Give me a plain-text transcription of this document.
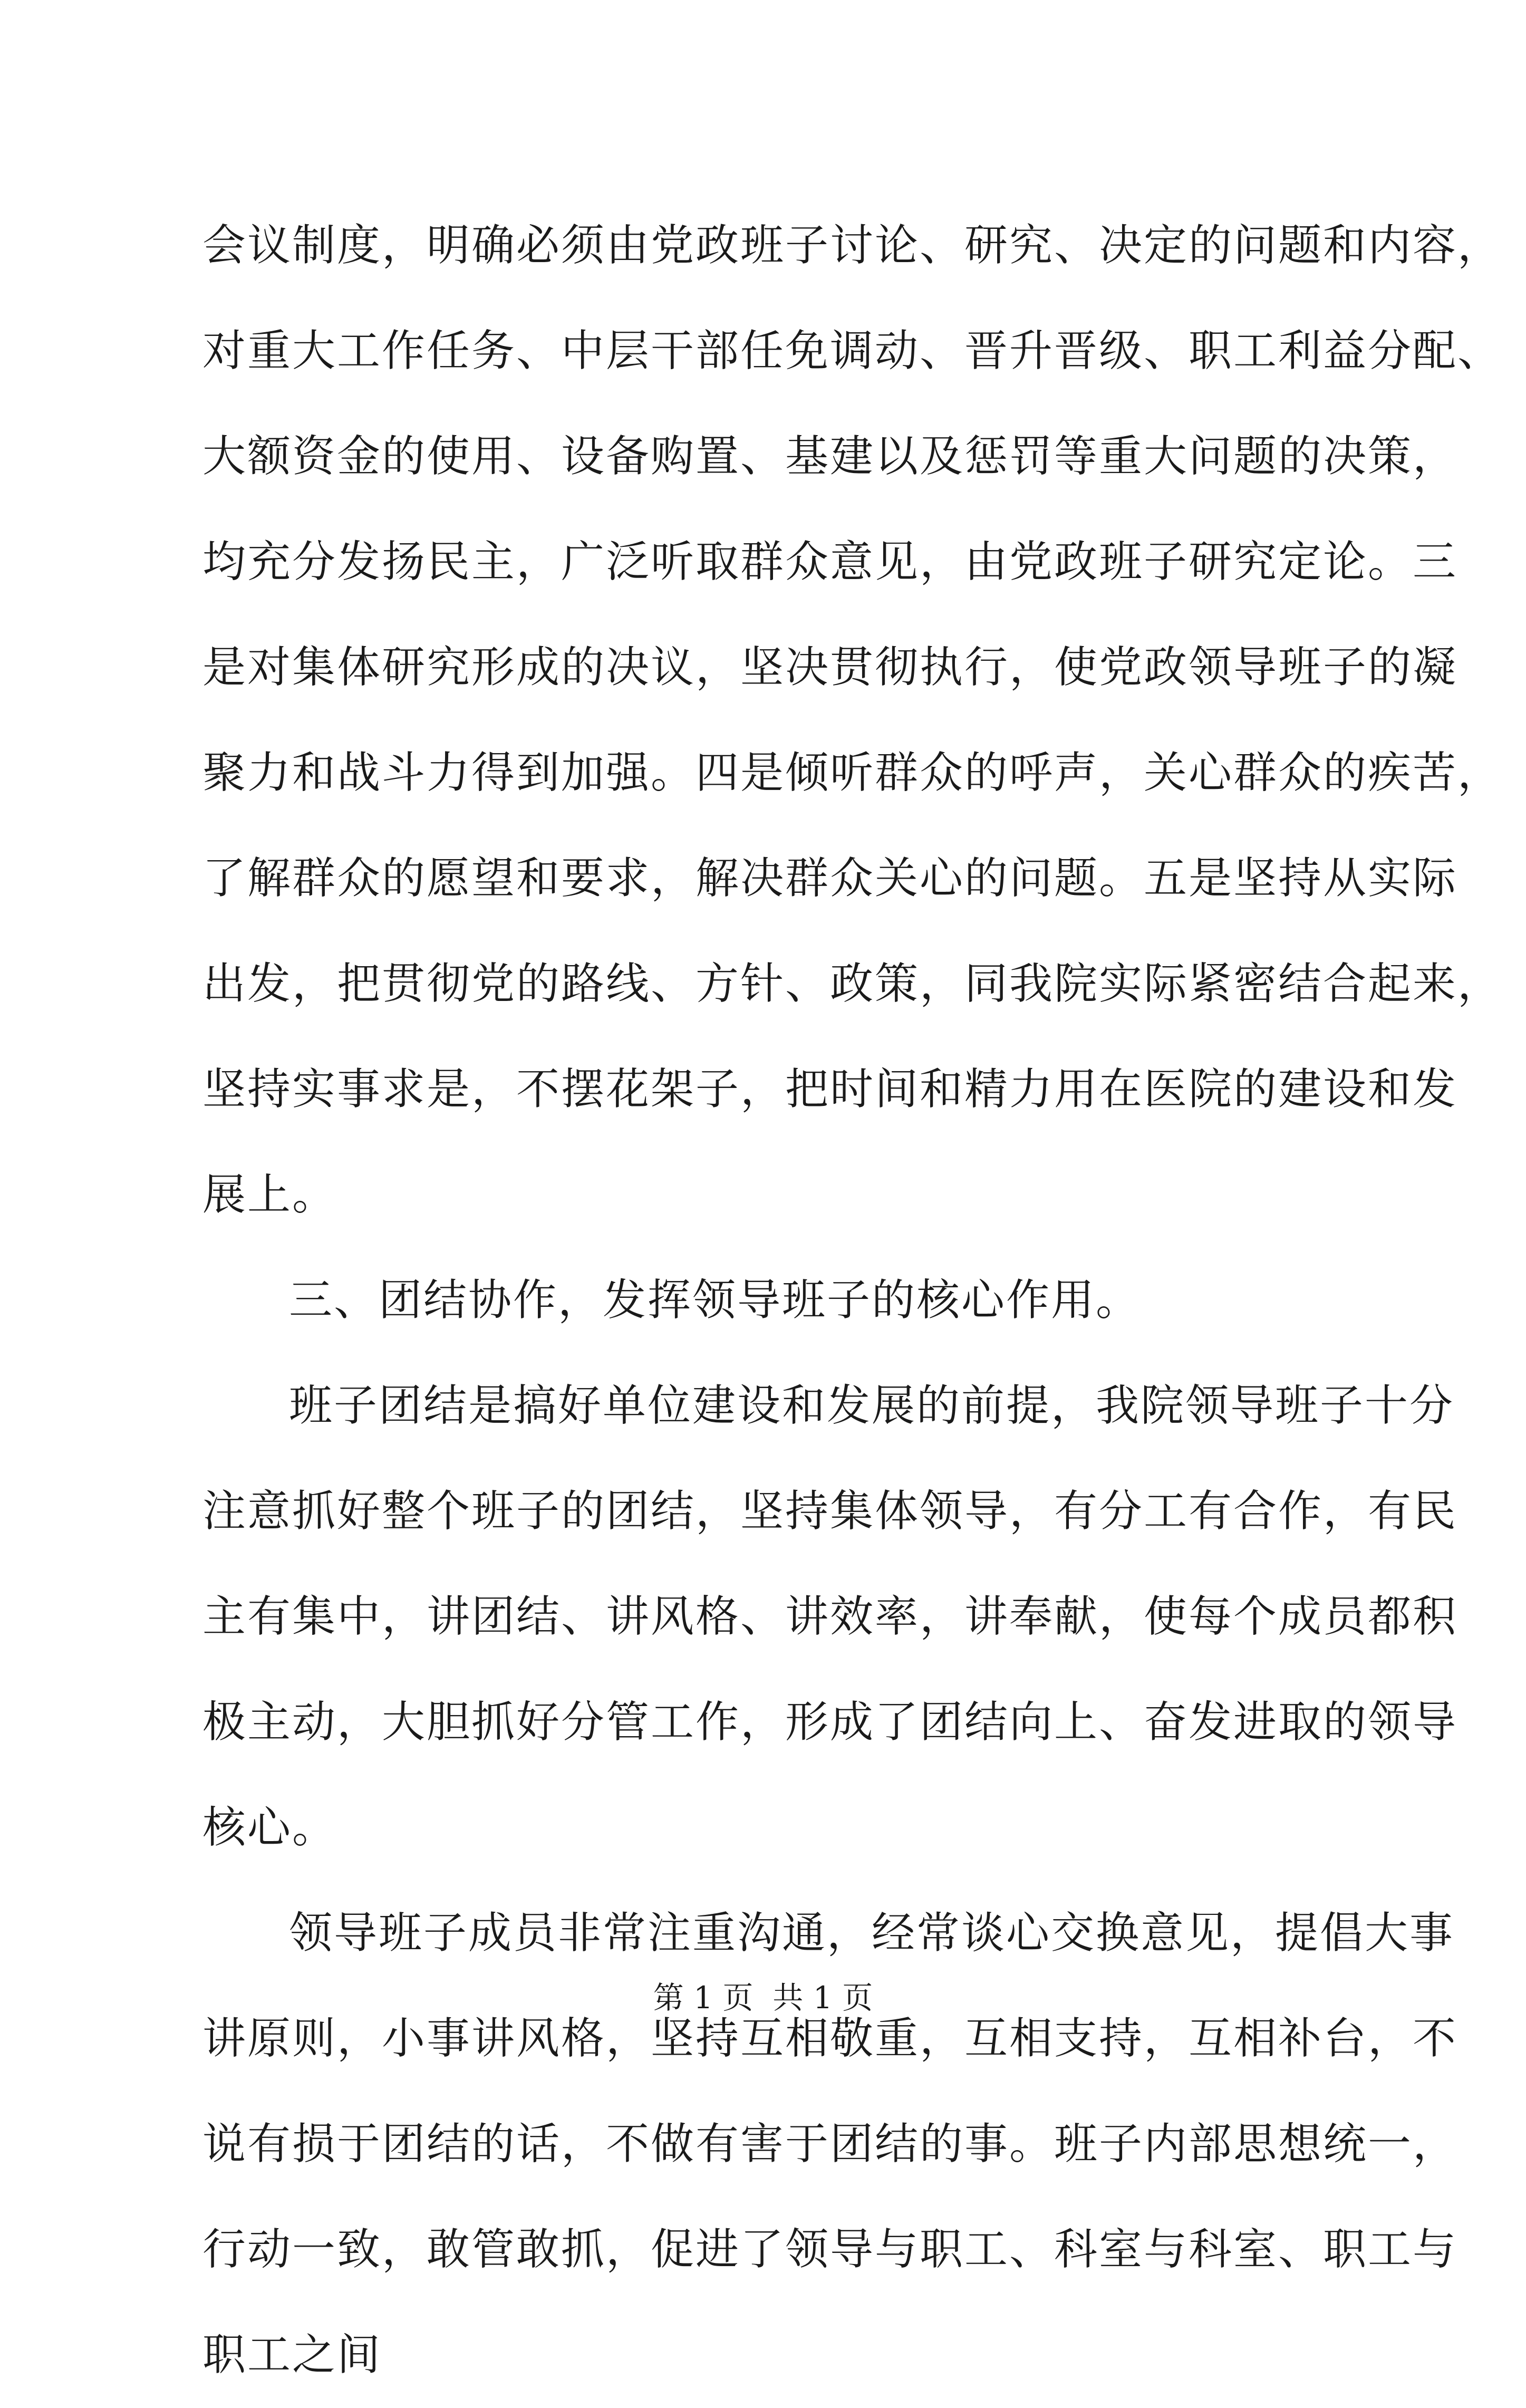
会议制度，明确必须由党政班子讨论、研究、决定的问题和内容，
对重大工作任务、中层干部任免调动、晋升晋级、职工利益分配、
大额资金的使用、设备购置、基建以及惩罚等重大问题的决策，
均充分发扬民主，广泛听取群众意见，由党政班子研究定论。三
是对集体研究形成的决议，坚决贯彻执行，使党政领导班子的凝
聚力和战斗力得到加强。四是倾听群众的呼声，关心群众的疾苦，
了解群众的愿望和要求，解决群众关心的问题。五是坚持从实际
出发，把贯彻党的路线、方针、政策，同我院实际紧密结合起来，
坚持实事求是，不摆花架子，把时间和精力用在医院的建设和发
展上。
三、团结协作，发挥领导班子的核心作用。
班子团结是搞好单位建设和发展的前提，我院领导班子十分
注意抓好整个班子的团结，坚持集体领导，有分工有合作，有民
主有集中，讲团结、讲风格、讲效率，讲奉献，使每个成员都积
极主动，大胆抓好分管工作，形成了团结向上、奋发进取的领导
核心。
领导班子成员非常注重沟通，经常谈心交换意见，提倡大事
讲原则，小事讲风格，坚持互相敬重，互相支持，互相补台，不
说有损于团结的话，不做有害于团结的事。班子内部思想统一，
行动一致，敢管敢抓，促进了领导与职工、科室与科室、职工与
职工之间
第 1 页  共 1 页
